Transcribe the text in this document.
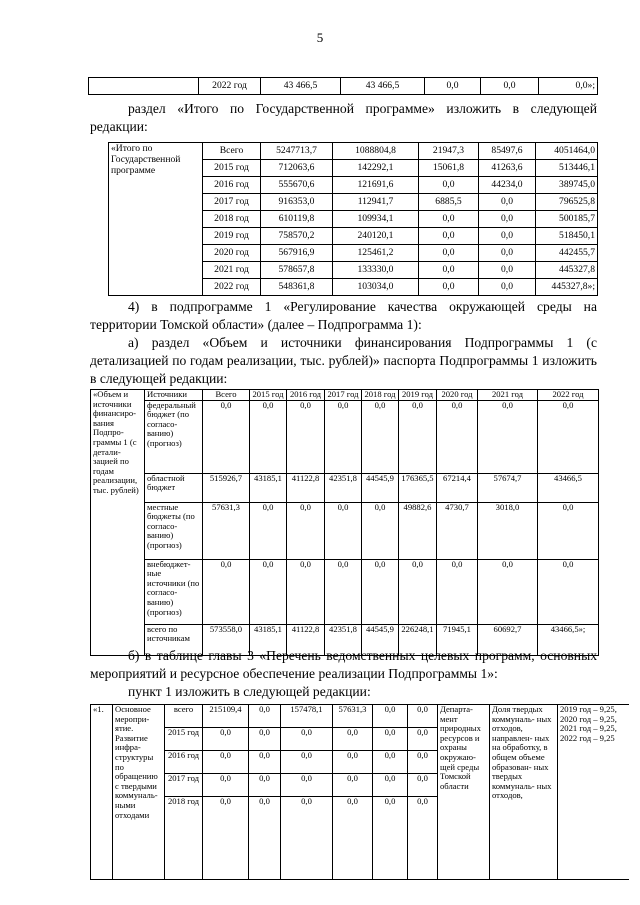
5
	2022 год	43 466,5	43 466,5	0,0	0,0	0,0»;
раздел «Итого по Государственной программе» изложить в следующей редакции:
«Итого по Государственной программе	Всего	5247713,7	1088804,8	21947,3	85497,6	4051464,0
	2015 год	712063,6	142292,1	15061,8	41263,6	513446,1
	2016 год	555670,6	121691,6	0,0	44234,0	389745,0
	2017 год	916353,0	112941,7	6885,5	0,0	796525,8
	2018 год	610119,8	109934,1	0,0	0,0	500185,7
	2019 год	758570,2	240120,1	0,0	0,0	518450,1
	2020 год	567916,9	125461,2	0,0	0,0	442455,7
	2021 год	578657,8	133330,0	0,0	0,0	445327,8
	2022 год	548361,8	103034,0	0,0	0,0	445327,8»;
4) в подпрограмме 1 «Регулирование качества окружающей среды на территории Томской области» (далее – Подпрограмма 1):
а) раздел «Объем и источники финансирования Подпрограммы 1 (с детализацией по годам реализации, тыс. рублей)» паспорта Подпрограммы 1 изложить в следующей редакции:
«Объем и источники финансиро- вания Подпро- граммы 1 (с детали- зацией по годам реализации, тыс. рублей)	Источники	Всего	2015 год	2016 год	2017 год	2018 год	2019 год	2020 год	2021 год	2022 год
	федеральный бюджет (по согласо- ванию) (прогноз)	0,0	0,0	0,0	0,0	0,0	0,0	0,0	0,0	0,0
	областной бюджет	515926,7	43185,1	41122,8	42351,8	44545,9	176365,5	67214,4	57674,7	43466,5
	местные бюджеты (по согласо- ванию) (прогноз)	57631,3	0,0	0,0	0,0	0,0	49882,6	4730,7	3018,0	0,0
	внебюджет- ные источники (по согласо- ванию) (прогноз)	0,0	0,0	0,0	0,0	0,0	0,0	0,0	0,0	0,0
	всего по источникам	573558,0	43185,1	41122,8	42351,8	44545,9	226248,1	71945,1	60692,7	43466,5»;
б) в таблице главы 3 «Перечень ведомственных целевых программ, основных мероприятий и ресурсное обеспечение реализации Подпрограммы 1»:
пункт 1 изложить в следующей редакции:
«1.	Основное меропри- ятие. Развитие инфра- структуры по обращению с твердыми коммуналь- ными отходами	всего	215109,4	0,0	157478,1	57631,3	0,0	0,0	Департа- мент природных ресурсов и охраны окружаю- щей среды Томской области	Доля твердых коммуналь- ных отходов, направлен- ных на обработку, в общем объеме образован- ных твердых коммуналь- ных отходов,	2019 год – 9,25,
2020 год – 9,25,
2021 год – 9,25,
2022 год – 9,25

		2015 год	0,0	0,0	0,0	0,0	0,0	0,0			
		2016 год	0,0	0,0	0,0	0,0	0,0	0,0			
		2017 год	0,0	0,0	0,0	0,0	0,0	0,0			
		2018 год	0,0	0,0	0,0	0,0	0,0	0,0			
